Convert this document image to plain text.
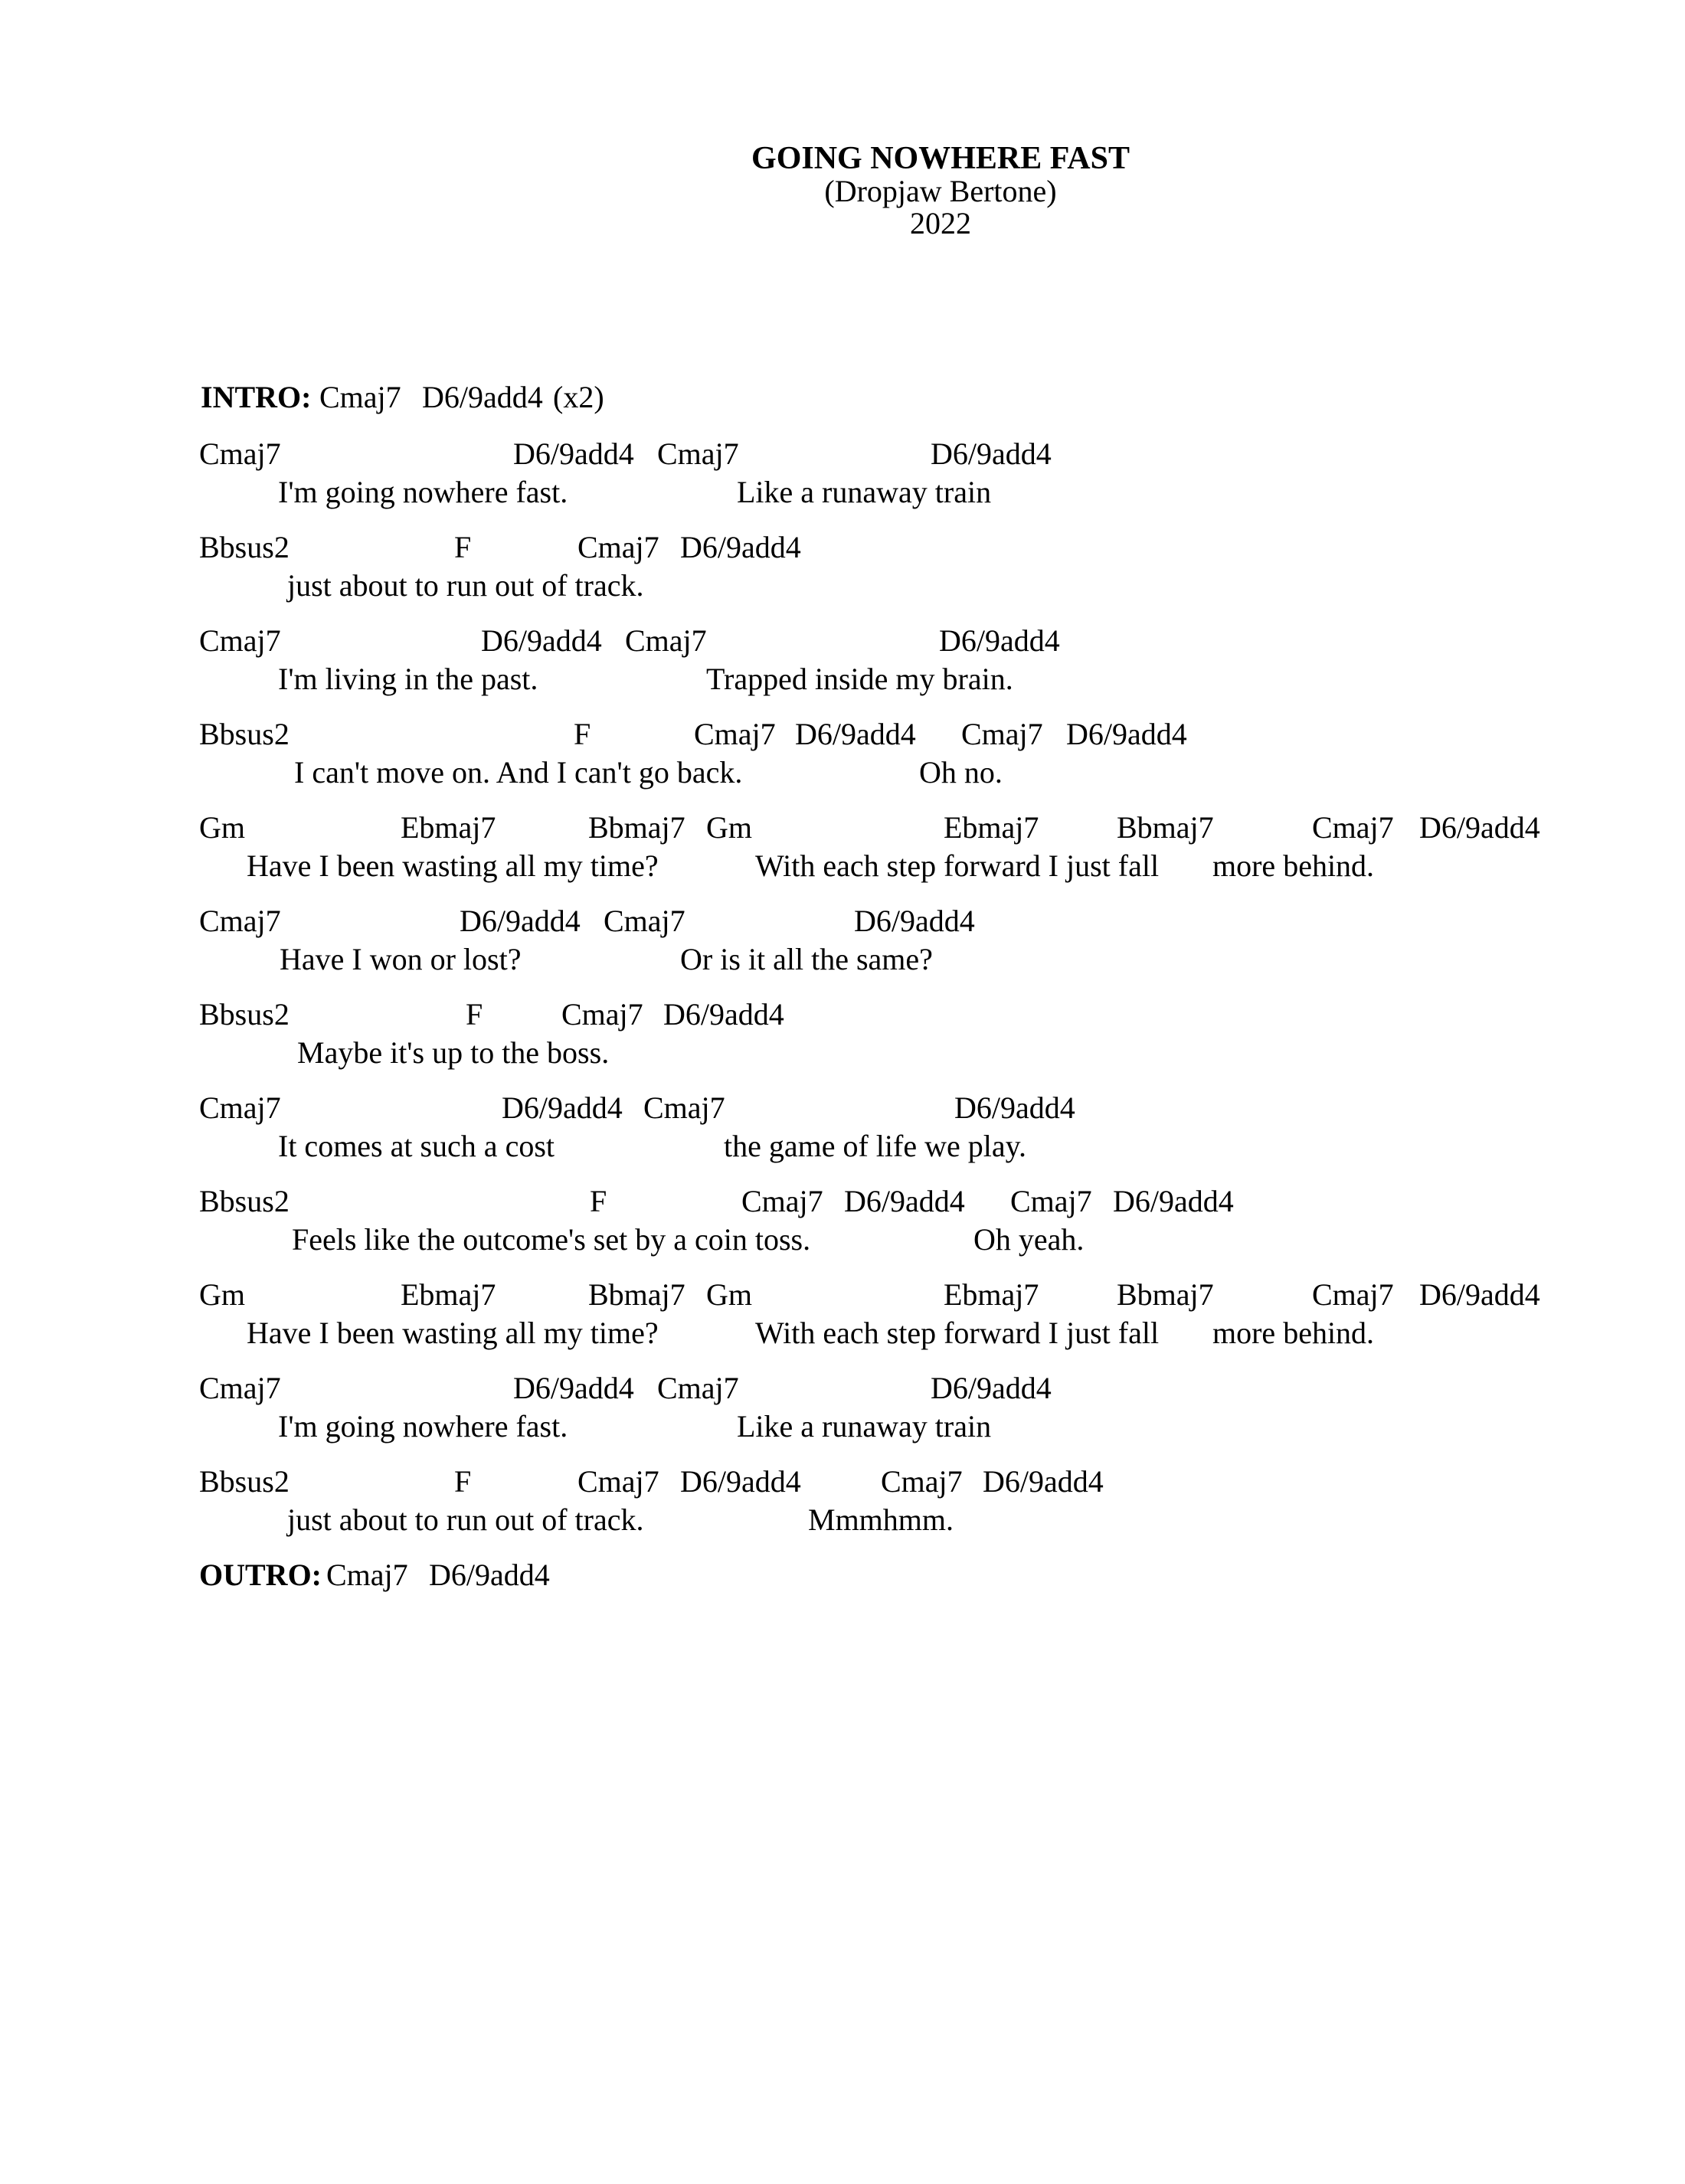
GOING NOWHERE FAST
(Dropjaw Bertone)
2022
INTRO: Cmaj7 D6/9add4 (x2)
Cmaj7	D6/9add4 Cmaj7	D6/9add4
I'm going nowhere fast.	Like a runaway train
Bbsus2	F	Cmaj7 D6/9add4
just about to run out of track.
Cmaj7	D6/9add4 Cmaj7	D6/9add4
I'm living in the past.	Trapped inside my brain.
Bbsus2	F	Cmaj7 D6/9add4 Cmaj7 D6/9add4
I can't move on. And I can't go back.	Oh no.
Gm	Ebmaj7	Bbmaj7 Gm	Ebmaj7	Bbmaj7	Cmaj7 D6/9add4
Have I been wasting all my time?	With each step forward I just fall more behind.
Cmaj7	D6/9add4 Cmaj7	D6/9add4
Have I won or lost?	Or is it all the same?
Bbsus2	F	Cmaj7 D6/9add4
Maybe it's up to the boss.
Cmaj7	D6/9add4 Cmaj7	D6/9add4
It comes at such a cost	the game of life we play.
Bbsus2	F	Cmaj7 D6/9add4 Cmaj7 D6/9add4
Feels like the outcome's set by a coin toss.	Oh yeah.
Gm	Ebmaj7	Bbmaj7 Gm	Ebmaj7	Bbmaj7	Cmaj7 D6/9add4
Have I been wasting all my time?	With each step forward I just fall more behind.
Cmaj7	D6/9add4 Cmaj7	D6/9add4
I'm going nowhere fast.	Like a runaway train
Bbsus2	F	Cmaj7 D6/9add4	Cmaj7 D6/9add4
just about to run out of track.	Mmmhmm.
OUTRO: Cmaj7 D6/9add4
